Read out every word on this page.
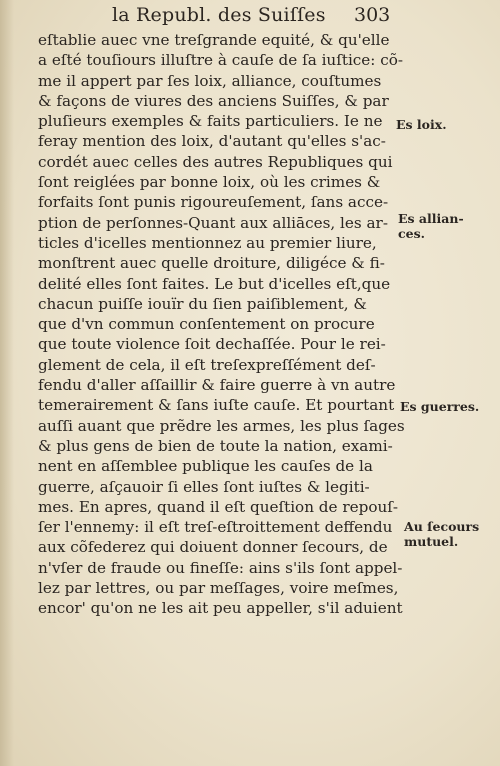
la Republ. des Suiſſes 303
eſtablie auec vne treſgrande equité, & qu'elle
a eſté touſiours illuſtre à cauſe de ſa iuſtice: cõ-
me il appert par ſes loix, alliance, couſtumes
& façons de viures des anciens Suiſſes, & par
pluſieurs exemples & faits particuliers. Ie ne
feray mention des loix, d'autant qu'elles s'ac-
cordét auec celles des autres Republiques qui
ſont reiglées par bonne loix, où les crimes &
forfaits ſont punis rigoureuſement, ſans acce-
ption de perſonnes-Quant aux alliāces, les ar-
ticles d'icelles mentionnez au premier liure,
monſtrent auec quelle droiture, diligéce & fi-
delité elles ſont faites. Le but d'icelles eſt,que
chacun puiſſe iouïr du ſien paiſiblement, &
que d'vn commun conſentement on procure
que toute violence ſoit dechaſſée. Pour le rei-
glement de cela, il eſt treſexpreſſément deſ-
fendu d'aller aſſaillir & faire guerre à vn autre
temerairement & ſans iuſte cauſe. Et pourtant
auſſi auant que prẽdre les armes, les plus ſages
& plus gens de bien de toute la nation, exami-
nent en aſſemblee publique les cauſes de la
guerre, aſçauoir ſi elles ſont iuſtes & legiti-
mes. En apres, quand il eſt queſtion de repouſ-
ſer l'ennemy: il eſt treſ-eſtroittement deffendu
aux cõfederez qui doiuent donner ſecours, de
n'vſer de fraude ou fineſſe: ains s'ils ſont appel-
lez par lettres, ou par meſſages, voire meſmes,
encor' qu'on ne les ait peu appeller, s'il aduient
Es loix.
Es allian-
ces.
Es guerres.
Au ſecours
mutuel.
